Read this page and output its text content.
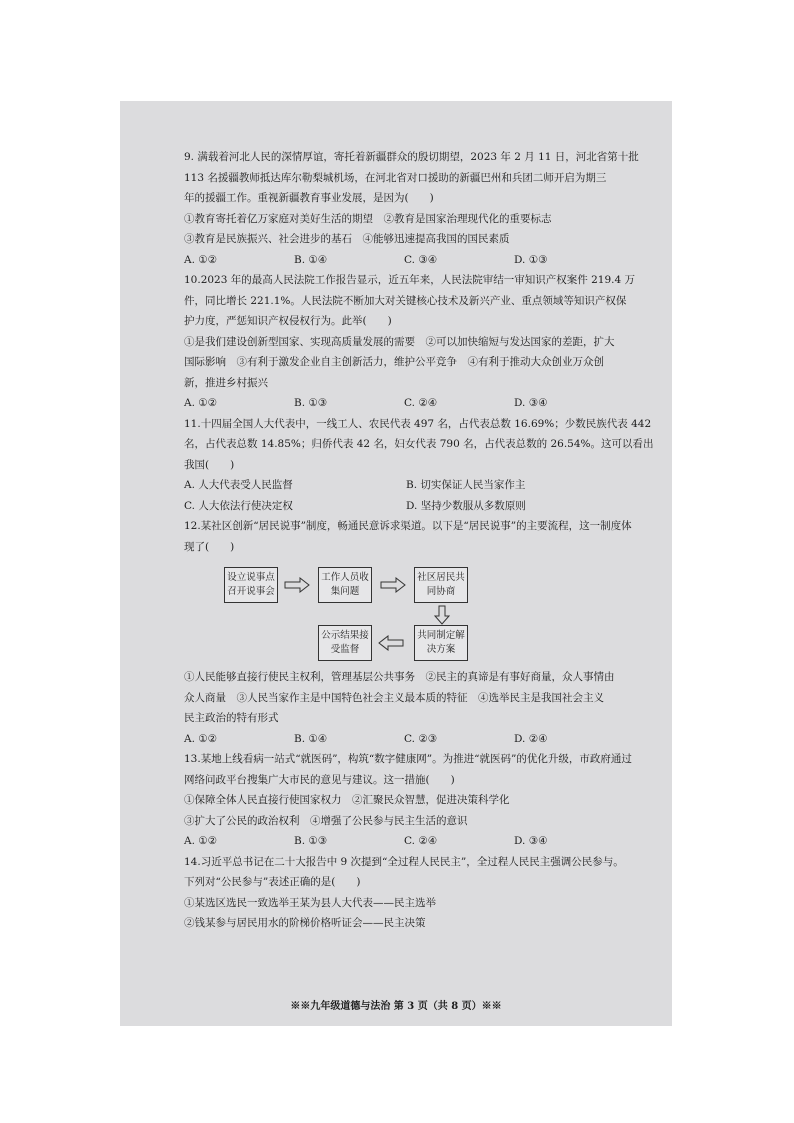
9. 满载着河北人民的深情厚谊，寄托着新疆群众的殷切期望，2023 年 2 月 11 日，河北省第十批

113 名援疆教师抵达库尔勒梨城机场，在河北省对口援助的新疆巴州和兵团二师开启为期三

年的援疆工作。重视新疆教育事业发展，是因为(　　)

①教育寄托着亿万家庭对美好生活的期望　②教育是国家治理现代化的重要标志

③教育是民族振兴、社会进步的基石　④能够迅速提高我国的国民素质

A. ①②	B. ①④	C. ③④	D. ①③

10.2023 年的最高人民法院工作报告显示，近五年来，人民法院审结一审知识产权案件 219.4 万

件，同比增长 221.1%。人民法院不断加大对关键核心技术及新兴产业、重点领域等知识产权保

护力度，严惩知识产权侵权行为。此举(　　)

①是我们建设创新型国家、实现高质量发展的需要　②可以加快缩短与发达国家的差距，扩大

国际影响　③有利于激发企业自主创新活力，维护公平竞争　④有利于推动大众创业万众创

新，推进乡村振兴

A. ①②	B. ①③	C. ②④	D. ③④

11.十四届全国人大代表中，一线工人、农民代表 497 名，占代表总数 16.69%；少数民族代表 442

名，占代表总数 14.85%；归侨代表 42 名，妇女代表 790 名，占代表总数的 26.54%。这可以看出

我国(　　)

A. 人大代表受人民监督	B. 切实保证人民当家作主
C. 人大依法行使决定权	D. 坚持少数服从多数原则

12.某社区创新“居民说事”制度，畅通民意诉求渠道。以下是“居民说事”的主要流程，这一制度体

现了(　　)

设立说事点召开说事会
工作人员收集问题
社区居民共同协商
共同制定解决方案
公示结果接受监督

①人民能够直接行使民主权利，管理基层公共事务　②民主的真谛是有事好商量，众人事情由

众人商量　③人民当家作主是中国特色社会主义最本质的特征　④选举民主是我国社会主义

民主政治的特有形式

A. ①②	B. ①④	C. ②③	D. ②④

13.某地上线看病一站式“就医码”，构筑“数字健康网”。为推进“就医码”的优化升级，市政府通过

网络问政平台搜集广大市民的意见与建议。这一措施(　　)

①保障全体人民直接行使国家权力　②汇聚民众智慧，促进决策科学化

③扩大了公民的政治权利　④增强了公民参与民主生活的意识

A. ①②	B. ①③	C. ②④	D. ③④

14.习近平总书记在二十大报告中 9 次提到“全过程人民民主”，全过程人民民主强调公民参与。

下列对“公民参与”表述正确的是(　　)

①某选区选民一致选举王某为县人大代表——民主选举

②钱某参与居民用水的阶梯价格听证会——民主决策

※※九年级道德与法治 第 3 页（共 8 页）※※
